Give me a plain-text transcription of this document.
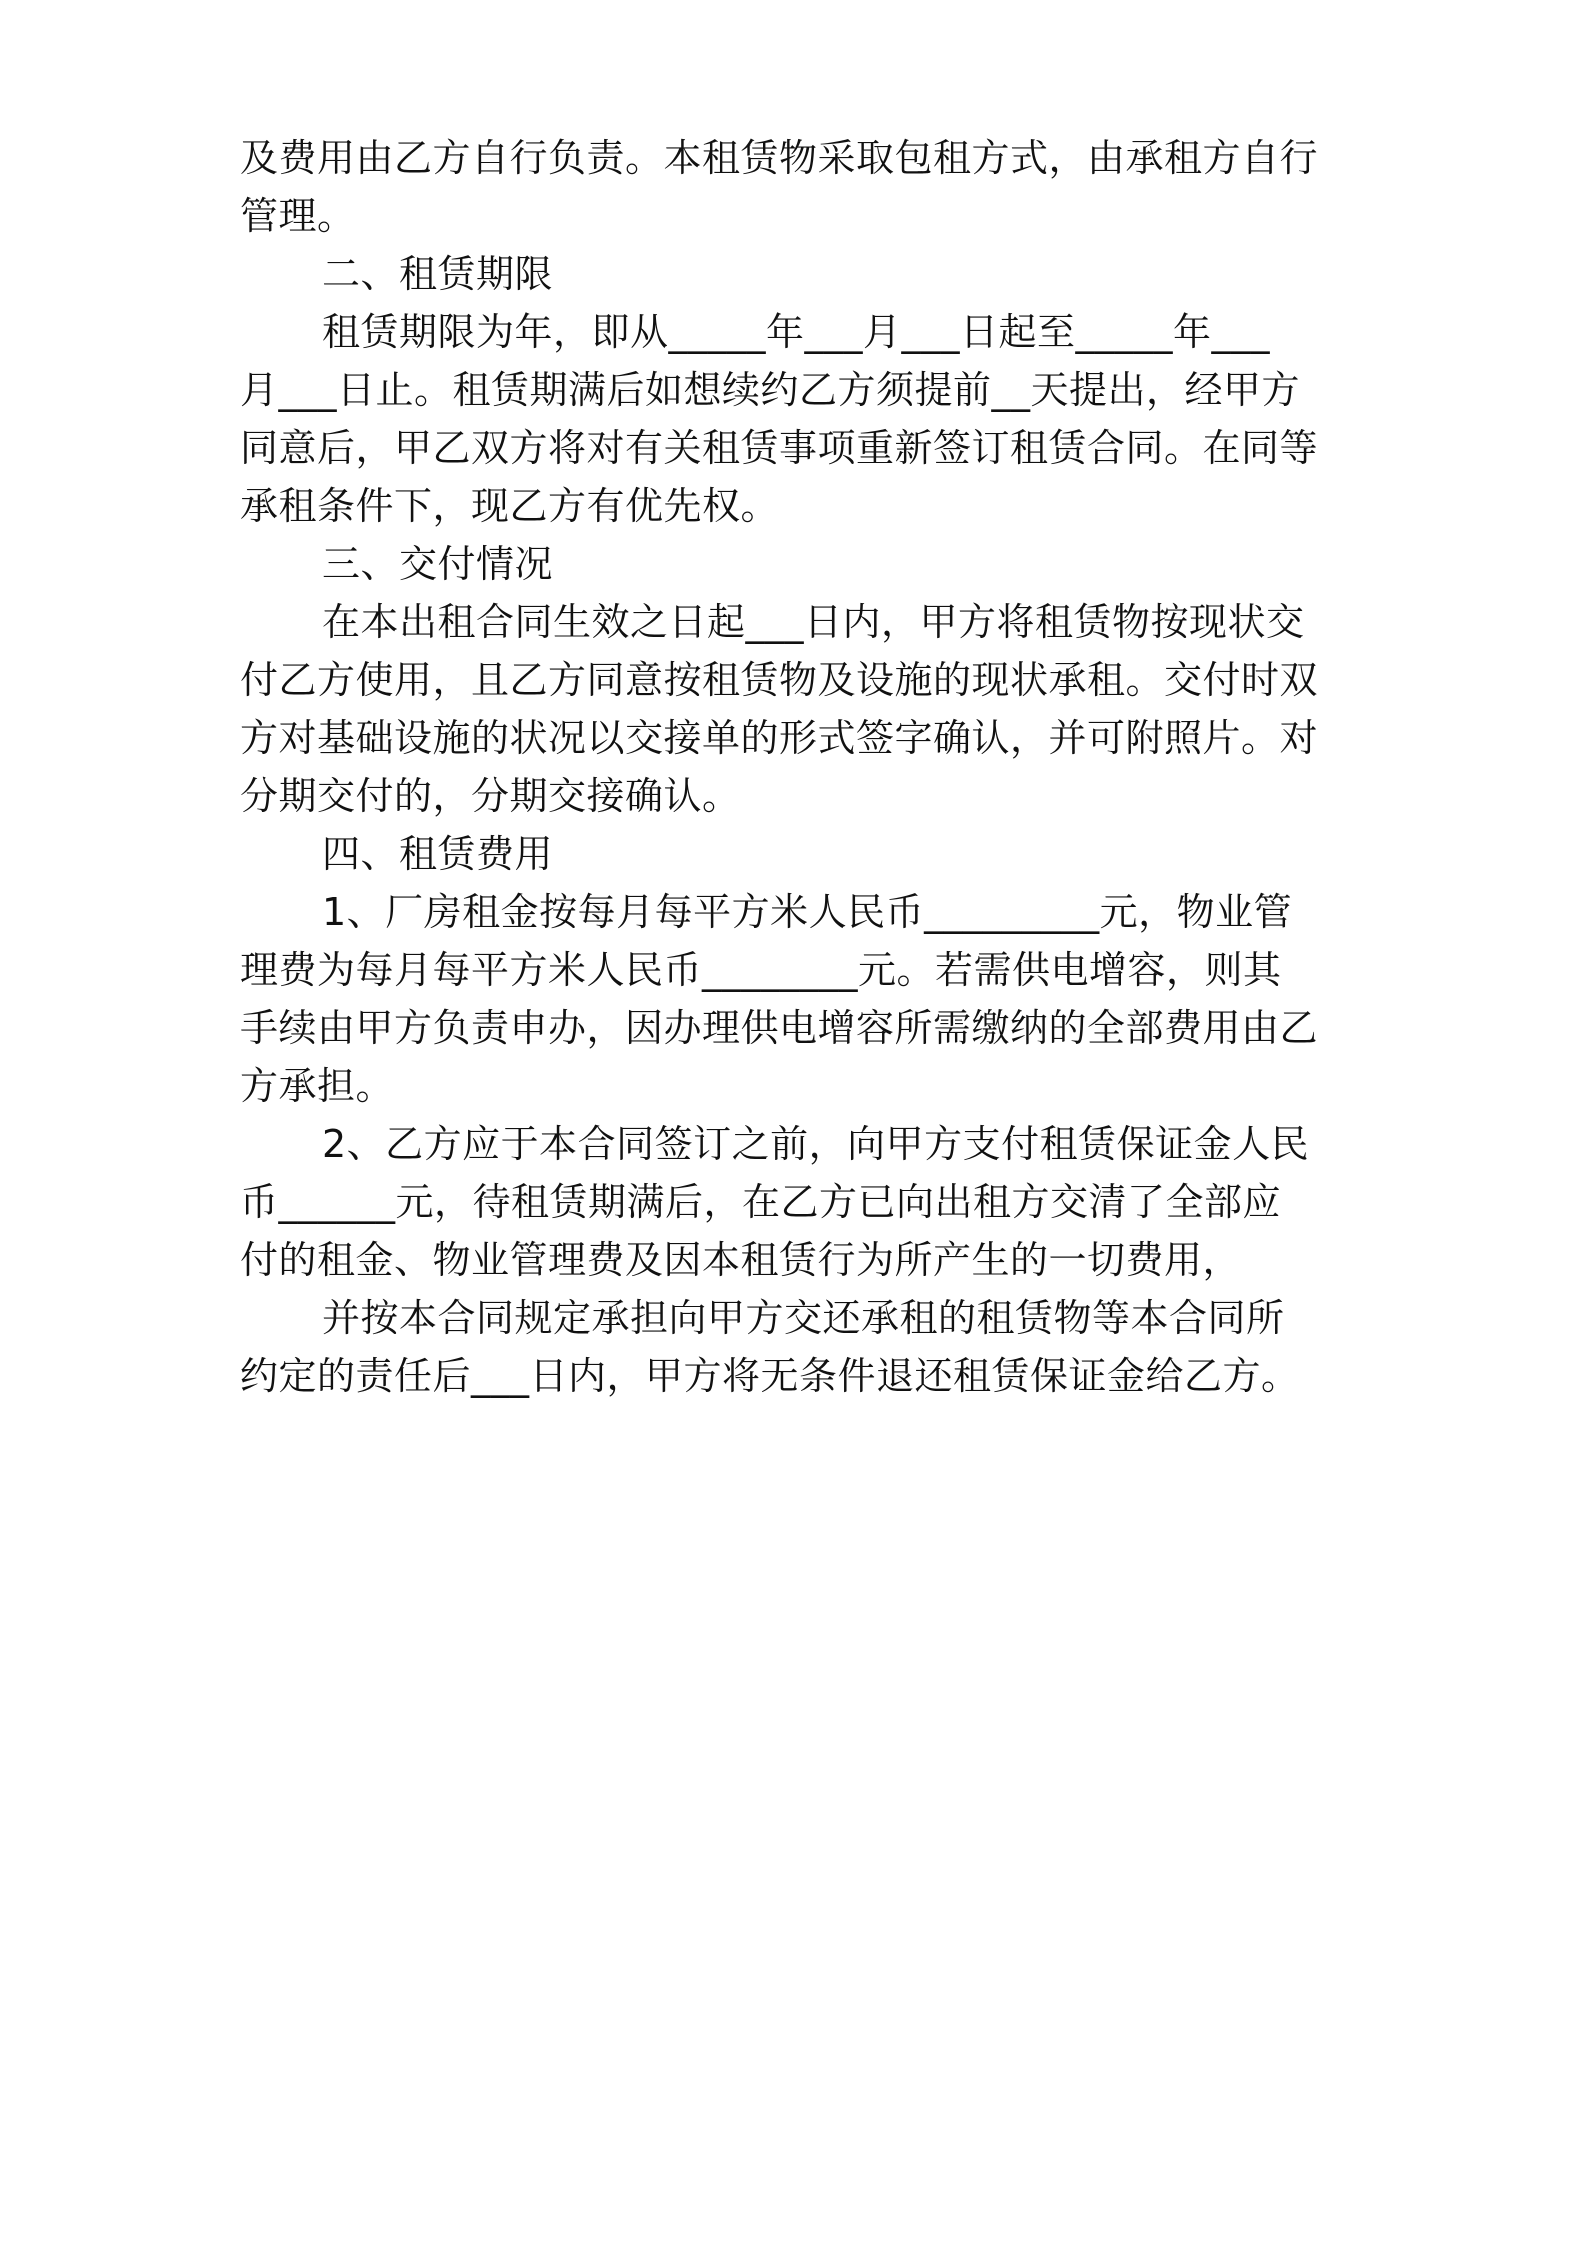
及费用由乙方自行负责。本租赁物采取包租方式，由承租方自行
管理。
二、租赁期限
租赁期限为年，即从_____年___月___日起至_____年___
月___日止。租赁期满后如想续约乙方须提前__天提出，经甲方
同意后，甲乙双方将对有关租赁事项重新签订租赁合同。在同等
承租条件下，现乙方有优先权。
三、交付情况
在本出租合同生效之日起___日内，甲方将租赁物按现状交
付乙方使用，且乙方同意按租赁物及设施的现状承租。交付时双
方对基础设施的状况以交接单的形式签字确认，并可附照片。对
分期交付的，分期交接确认。
四、租赁费用
1、厂房租金按每月每平方米人民币_________元，物业管
理费为每月每平方米人民币________元。若需供电增容，则其
手续由甲方负责申办，因办理供电增容所需缴纳的全部费用由乙
方承担。
2、乙方应于本合同签订之前，向甲方支付租赁保证金人民
币______元，待租赁期满后，在乙方已向出租方交清了全部应
付的租金、物业管理费及因本租赁行为所产生的一切费用，
并按本合同规定承担向甲方交还承租的租赁物等本合同所
约定的责任后___日内，甲方将无条件退还租赁保证金给乙方。
